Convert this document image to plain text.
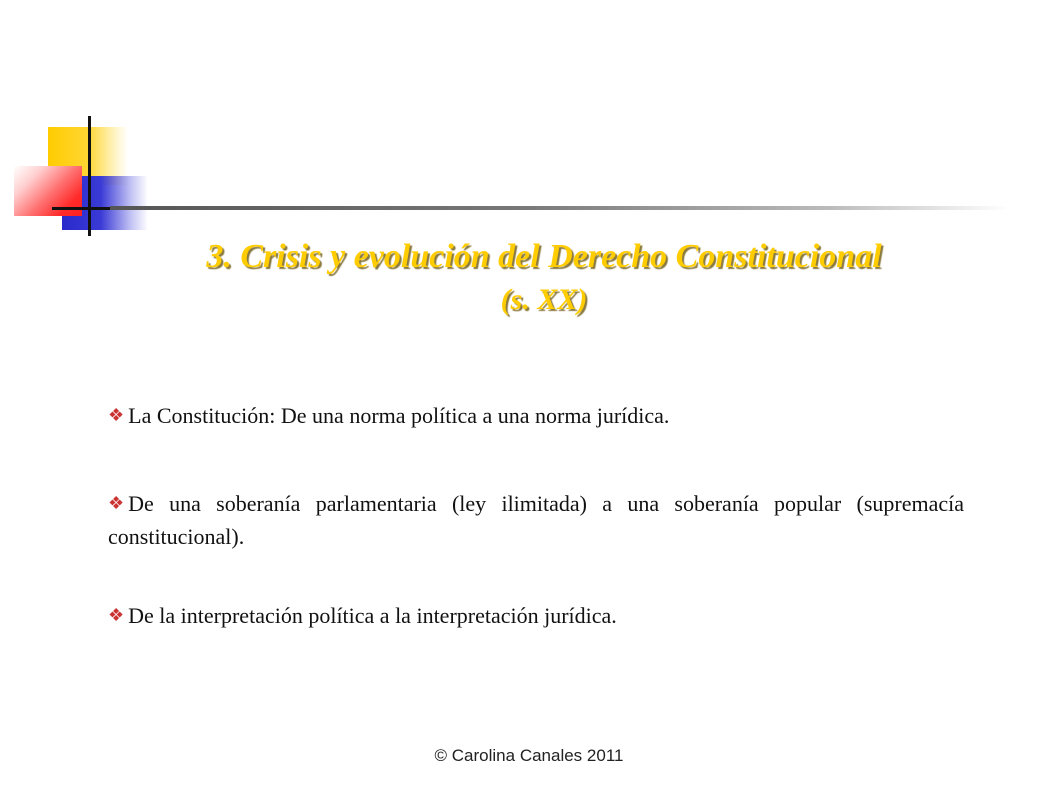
3. Crisis y evolución del Derecho Constitucional
(s. XX)

❖ La Constitución: De una norma política a una norma jurídica.

❖ De una soberanía parlamentaria (ley ilimitada) a una soberanía popular (supremacía constitucional).

❖ De la interpretación política a la interpretación jurídica.

© Carolina Canales 2011
